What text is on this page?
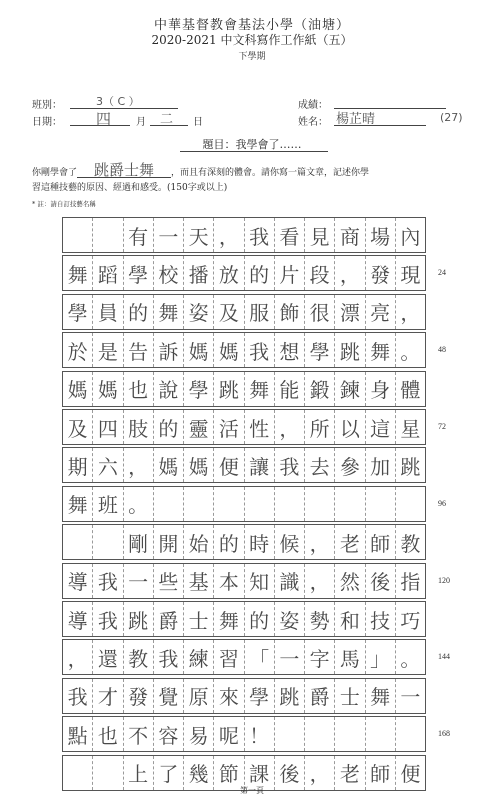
中華基督教會基法小學（油塘）
2020-2021 中文科寫作工作紙（五）
下學期
班別：	3（ C ）
日期： 四 月 二 日
成績：
姓名： 楊芷晴	(27)
題目：我學會了……
你剛學會了 跳爵士舞 ，而且有深刻的體會。請你寫一篇文章，記述你學
習這種技藝的原因、經過和感受。(150字或以上)
* 註：請自訂技藝名稱
有 一 天 ， 我 看 見 商 場 內
舞 蹈 學 校 播 放 的 片 段 ， 發 現
學 員 的 舞 姿 及 服 飾 很 漂 亮 ，
於 是 告 訴 媽 媽 我 想 學 跳 舞 。
媽 媽 也 說 學 跳 舞 能 鍛 鍊 身 體
及 四 肢 的 靈 活 性 ， 所 以 這 星
期 六 ， 媽 媽 便 讓 我 去 參 加 跳
舞 班 。
剛 開 始 的 時 候 ， 老 師 教
導 我 一 些 基 本 知 識 ， 然 後 指
導 我 跳 爵 士 舞 的 姿 勢 和 技 巧
， 還 教 我 練 習 「 一 字 馬 」 。
我 才 發 覺 原 來 學 跳 爵 士 舞 一
點 也 不 容 易 呢 ！
上 了 幾 節 課 後 ， 老 師 便
24
48
72
96
120
144
168
第一頁
